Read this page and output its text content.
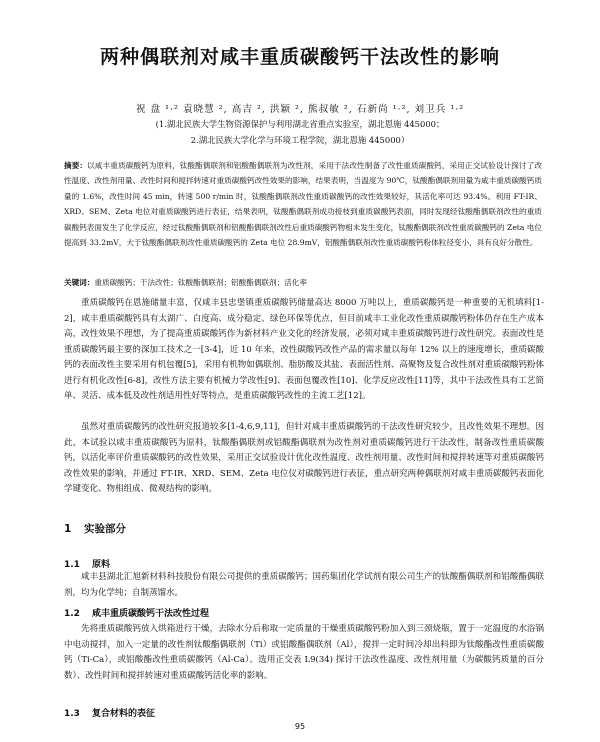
两种偶联剂对咸丰重质碳酸钙干法改性的影响
祝 盘 ¹·² 袁晓慧 ², 高吉 ², 洪颖 ², 熊叔敏 ², 石新尚 ¹·², 刘卫兵 ¹·²
(1.湖北民族大学生物资源保护与利用湖北省重点实验室，湖北恩施 445000；
2.湖北民族大学化学与环境工程学院，湖北恩施 445000）
摘要：以咸丰重质碳酸钙为原料，钛酸酯偶联剂和铝酸酯偶联剂为改性剂，采用干法改性制备了改性重质碳酸钙，采用正交试验设计探讨了改性温度、改性剂用量、改性时间和搅拌转速对重质碳酸钙改性效果的影响，结果表明，当温度为 90℃，钛酸酯偶联剂用量为咸丰重质碳酸钙质量的 1.6%，改性时间 45 min，转速 500 r/min 时，钛酸酯偶联剂改性重质碳酸钙的改性效果较好，其活化率可达 93.4%。利用 FT-IR、XRD、SEM、Zeta 电位对重质碳酸钙进行表征，结果表明，钛酸酯偶联剂成功接枝到重质碳酸钙表面，同时发现经钛酸酯偶联剂改性的重质碳酸钙表面发生了化学反应，经过钛酸酯偶联剂和铝酸酯偶联剂改性后重质碳酸钙物相未发生变化，钛酸酯偶联剂改性重质碳酸钙的 Zeta 电位提高到 33.2mV，大于钛酸酯偶联剂改性重质碳酸钙的 Zeta 电位 28.9mV，铝酸酯偶联剂改性重质碳酸钙粉体粒径变小，具有良好分散性。
关键词：重质碳酸钙；干法改性；钛酸酯偶联剂；铝酸酯偶联剂；活化率
重质碳酸钙在恩施储量丰富，仅咸丰县忠堡镇重质碳酸钙储量高达 8000 万吨以上，重质碳酸钙是一种重要的无机填料[1-2]，咸丰重质碳酸钙具有太湖广、白度高、成分稳定、绿色环保等优点，但目前咸丰工业化改性重质碳酸钙粉体仍存在生产成本高，改性效果不理想，为了提高重质碳酸钙作为新材料产业文化的经济发展，必须对咸丰重质碳酸钙进行改性研究。表面改性是重质碳酸钙最主要的深加工技术之一[3-4]，近 10 年来，改性碳酸钙改性产品的需求量以每年 12% 以上的速度增长，重质碳酸钙的表面改性主要采用有机包覆[5]，采用有机物如偶联剂、脂肪酸及其盐、表面活性剂、高聚物及复合改性剂对重质碳酸钙粉体进行有机化改性[6-8]，改性方法主要有机械力学改性[9]、表面包覆改性[10]、化学反应改性[11]等，其中干法改性具有工艺简单、灵活、成本低及改性剂适用性好等特点，是重质碳酸钙改性的主流工艺[12]。
虽然对重质碳酸钙的改性研究报道较多[1-4,6,9,11]，但针对咸丰重质碳酸钙的干法改性研究较少，且改性效果不理想。因此，本试验以咸丰重质碳酸钙为原料，钛酸酯偶联剂或铝酸酯偶联剂为改性剂对重质碳酸钙进行干法改性，制备改性重质碳酸钙，以活化率评价重质碳酸钙的改性效果，采用正交试验设计优化改性温度、改性剂用量、改性时间和搅拌转速等对重质碳酸钙改性效果的影响，并通过 FT-IR、XRD、SEM、Zeta 电位仪对碳酸钙进行表征，重点研究两种偶联剂对咸丰重质碳酸钙表面化学键变化、物相组成、微观结构的影响。
1 实验部分
1.1 原料
咸丰县湖北汇旭新材料科技股份有限公司提供的重质碳酸钙；国药集团化学试剂有限公司生产的钛酸酯偶联剂和铝酸酯偶联剂，均为化学纯；自制蒸馏水。
1.2 咸丰重质碳酸钙干法改性过程
先将重质碳酸钙放入烘箱进行干燥，去除水分后称取一定质量的干燥重质碳酸钙粉加入到三颈烧瓶，置于一定温度的水浴锅中电动搅拌，加入一定量的改性剂钛酸酯偶联剂（Ti）或铝酸酯偶联剂（Al），搅拌一定时间冷却出料即为钛酸酯改性重质碳酸钙（Ti-Ca），或铝酸酯改性重质碳酸钙（Al-Ca）。选用正交表 L9(34) 探讨干法改性温度、改性剂用量（为碳酸钙质量的百分数）、改性时间和搅拌转速对重质碳酸钙活化率的影响。
1.3 复合材料的表征
95
